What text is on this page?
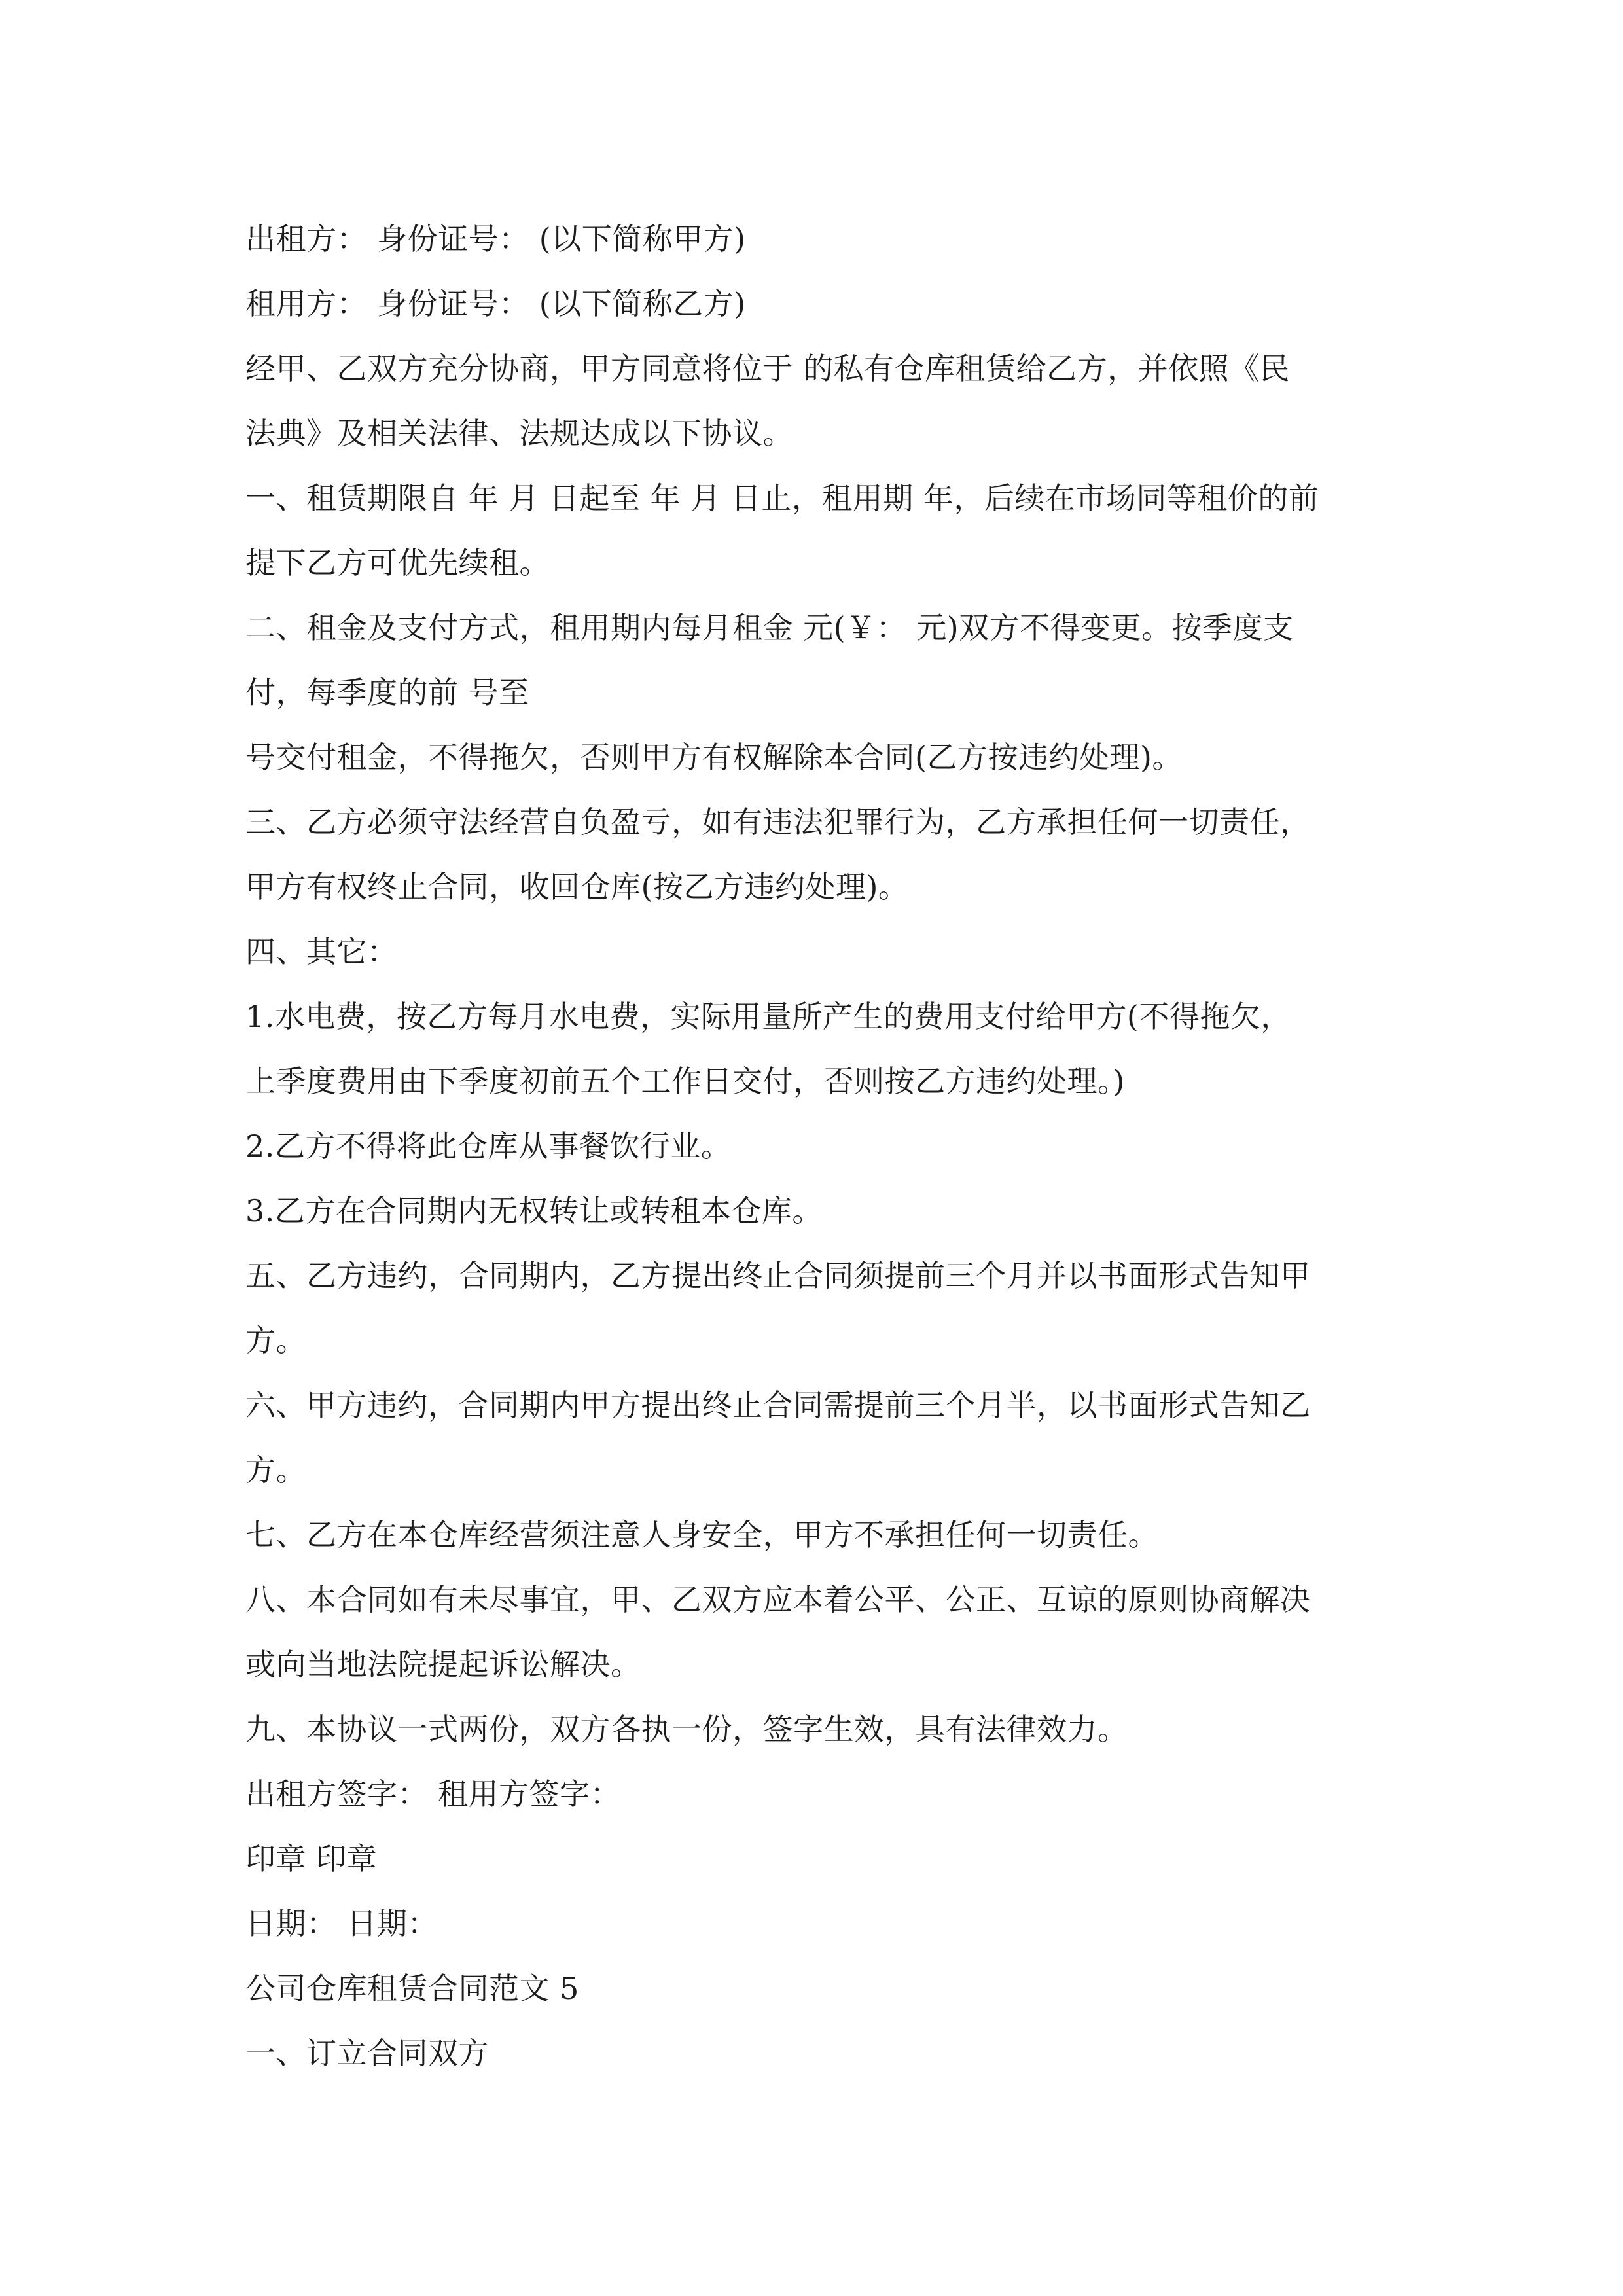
出租方： 身份证号： (以下简称甲方)

租用方： 身份证号： (以下简称乙方)

经甲、乙双方充分协商，甲方同意将位于 的私有仓库租赁给乙方，并依照《民

法典》及相关法律、法规达成以下协议。

一、租赁期限自 年 月 日起至 年 月 日止，租用期 年，后续在市场同等租价的前

提下乙方可优先续租。

二、租金及支付方式，租用期内每月租金 元(￥： 元)双方不得变更。按季度支

付，每季度的前 号至

号交付租金，不得拖欠，否则甲方有权解除本合同(乙方按违约处理)。

三、乙方必须守法经营自负盈亏，如有违法犯罪行为，乙方承担任何一切责任，

甲方有权终止合同，收回仓库(按乙方违约处理)。

四、其它：

1.水电费，按乙方每月水电费，实际用量所产生的费用支付给甲方(不得拖欠，

上季度费用由下季度初前五个工作日交付，否则按乙方违约处理。)

2.乙方不得将此仓库从事餐饮行业。

3.乙方在合同期内无权转让或转租本仓库。

五、乙方违约，合同期内，乙方提出终止合同须提前三个月并以书面形式告知甲

方。

六、甲方违约，合同期内甲方提出终止合同需提前三个月半，以书面形式告知乙

方。

七、乙方在本仓库经营须注意人身安全，甲方不承担任何一切责任。

八、本合同如有未尽事宜，甲、乙双方应本着公平、公正、互谅的原则协商解决

或向当地法院提起诉讼解决。

九、本协议一式两份，双方各执一份，签字生效，具有法律效力。

出租方签字： 租用方签字：

印章 印章

日期： 日期：

公司仓库租赁合同范文 5

一、订立合同双方
